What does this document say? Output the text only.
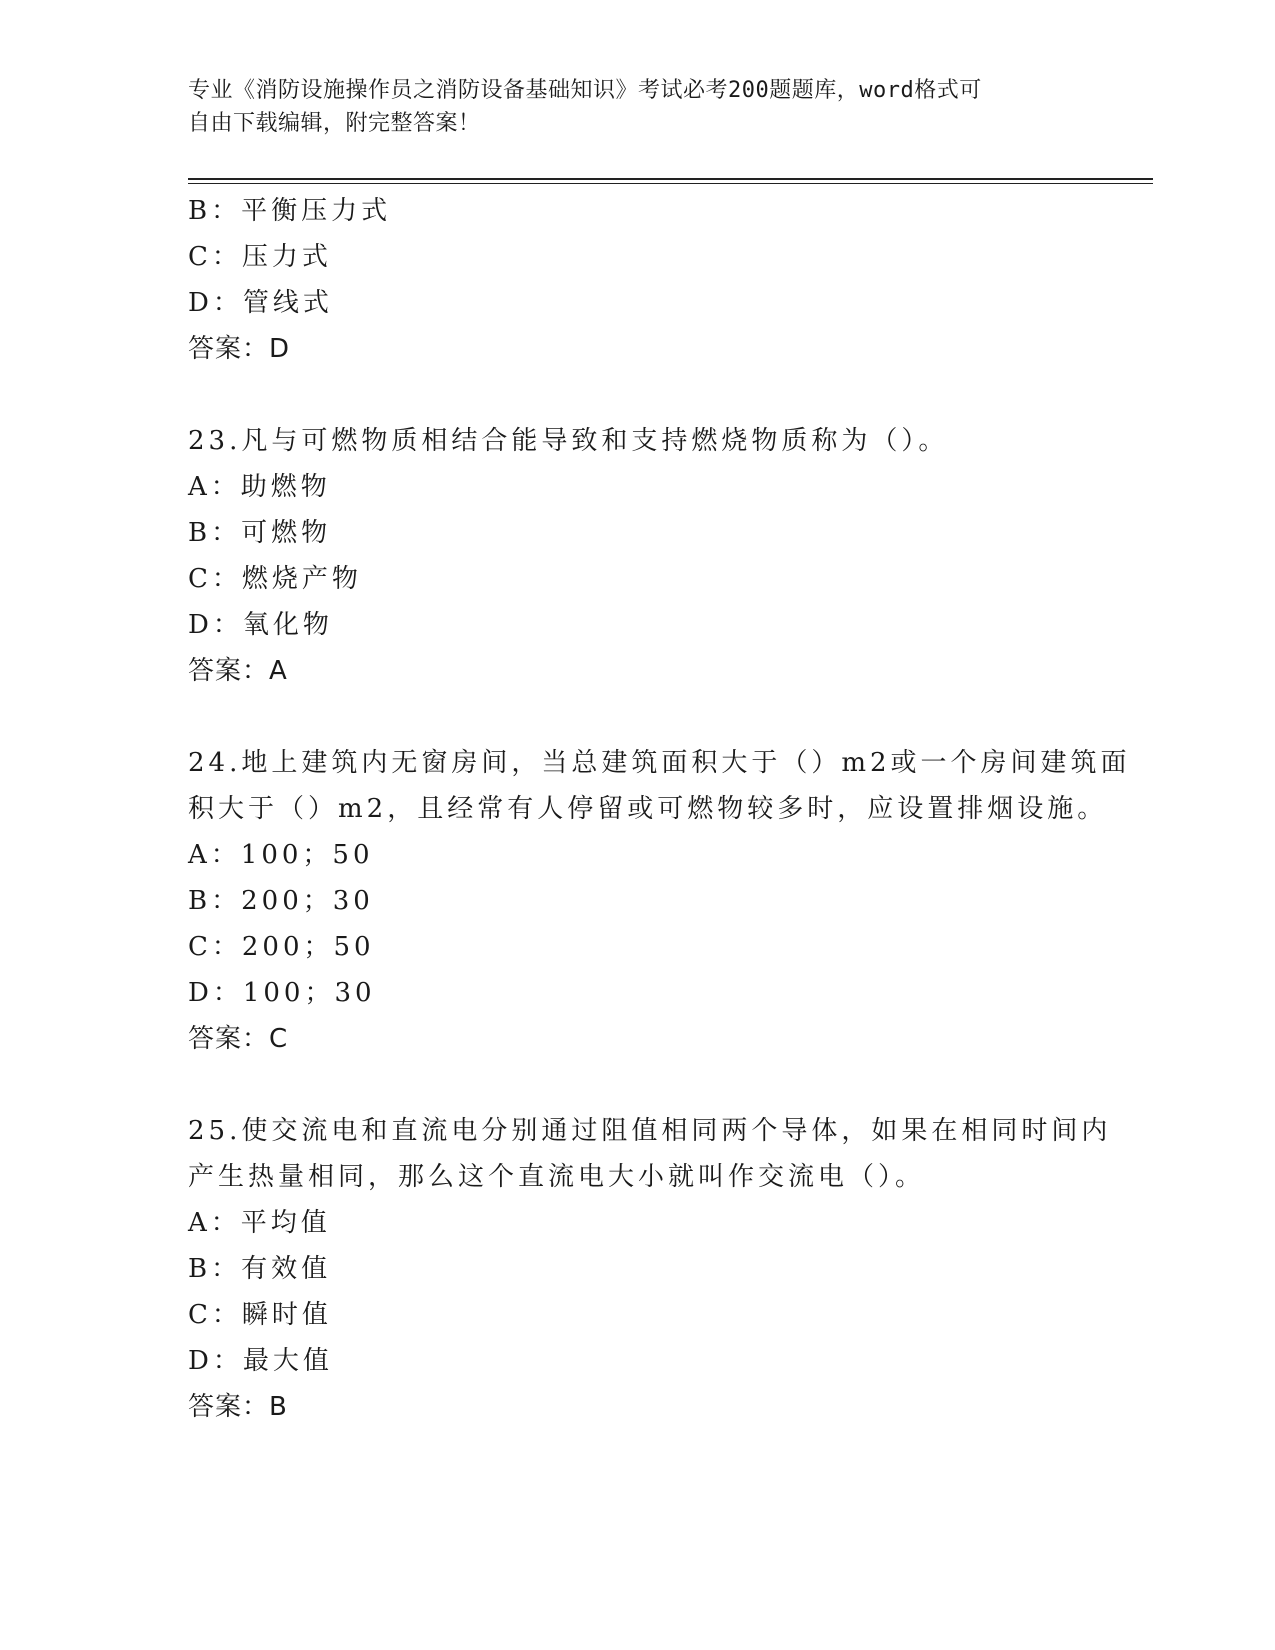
专业《消防设施操作员之消防设备基础知识》考试必考200题题库，word格式可
自由下载编辑，附完整答案！
B：平衡压力式
C：压力式
D：管线式
答案：D
23.凡与可燃物质相结合能导致和支持燃烧物质称为（）。
A：助燃物
B：可燃物
C：燃烧产物
D：氧化物
答案：A
24.地上建筑内无窗房间，当总建筑面积大于（）m2或一个房间建筑面
积大于（）m2，且经常有人停留或可燃物较多时，应设置排烟设施。
A：100；50
B：200；30
C：200；50
D：100；30
答案：C
25.使交流电和直流电分别通过阻值相同两个导体，如果在相同时间内
产生热量相同，那么这个直流电大小就叫作交流电（）。
A：平均值
B：有效值
C：瞬时值
D：最大值
答案：B
